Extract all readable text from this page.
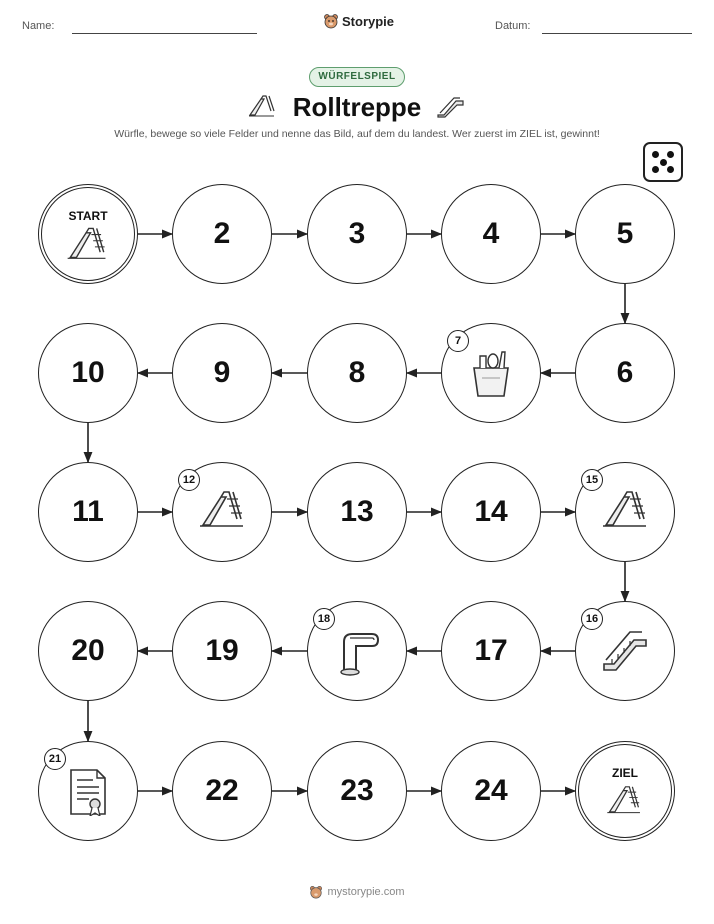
Name:	Datum:
Storypie
WÜRFELSPIEL
Rolltreppe
Würfle, bewege so viele Felder und nenne das Bild, auf dem du landest. Wer zuerst im ZIEL ist, gewinnt!
START
2	3	4	5
6
7
8
9
10
11
12
13	14
15
16
17
18
19
20
21
22	23	24
ZIEL
mystorypie.com
